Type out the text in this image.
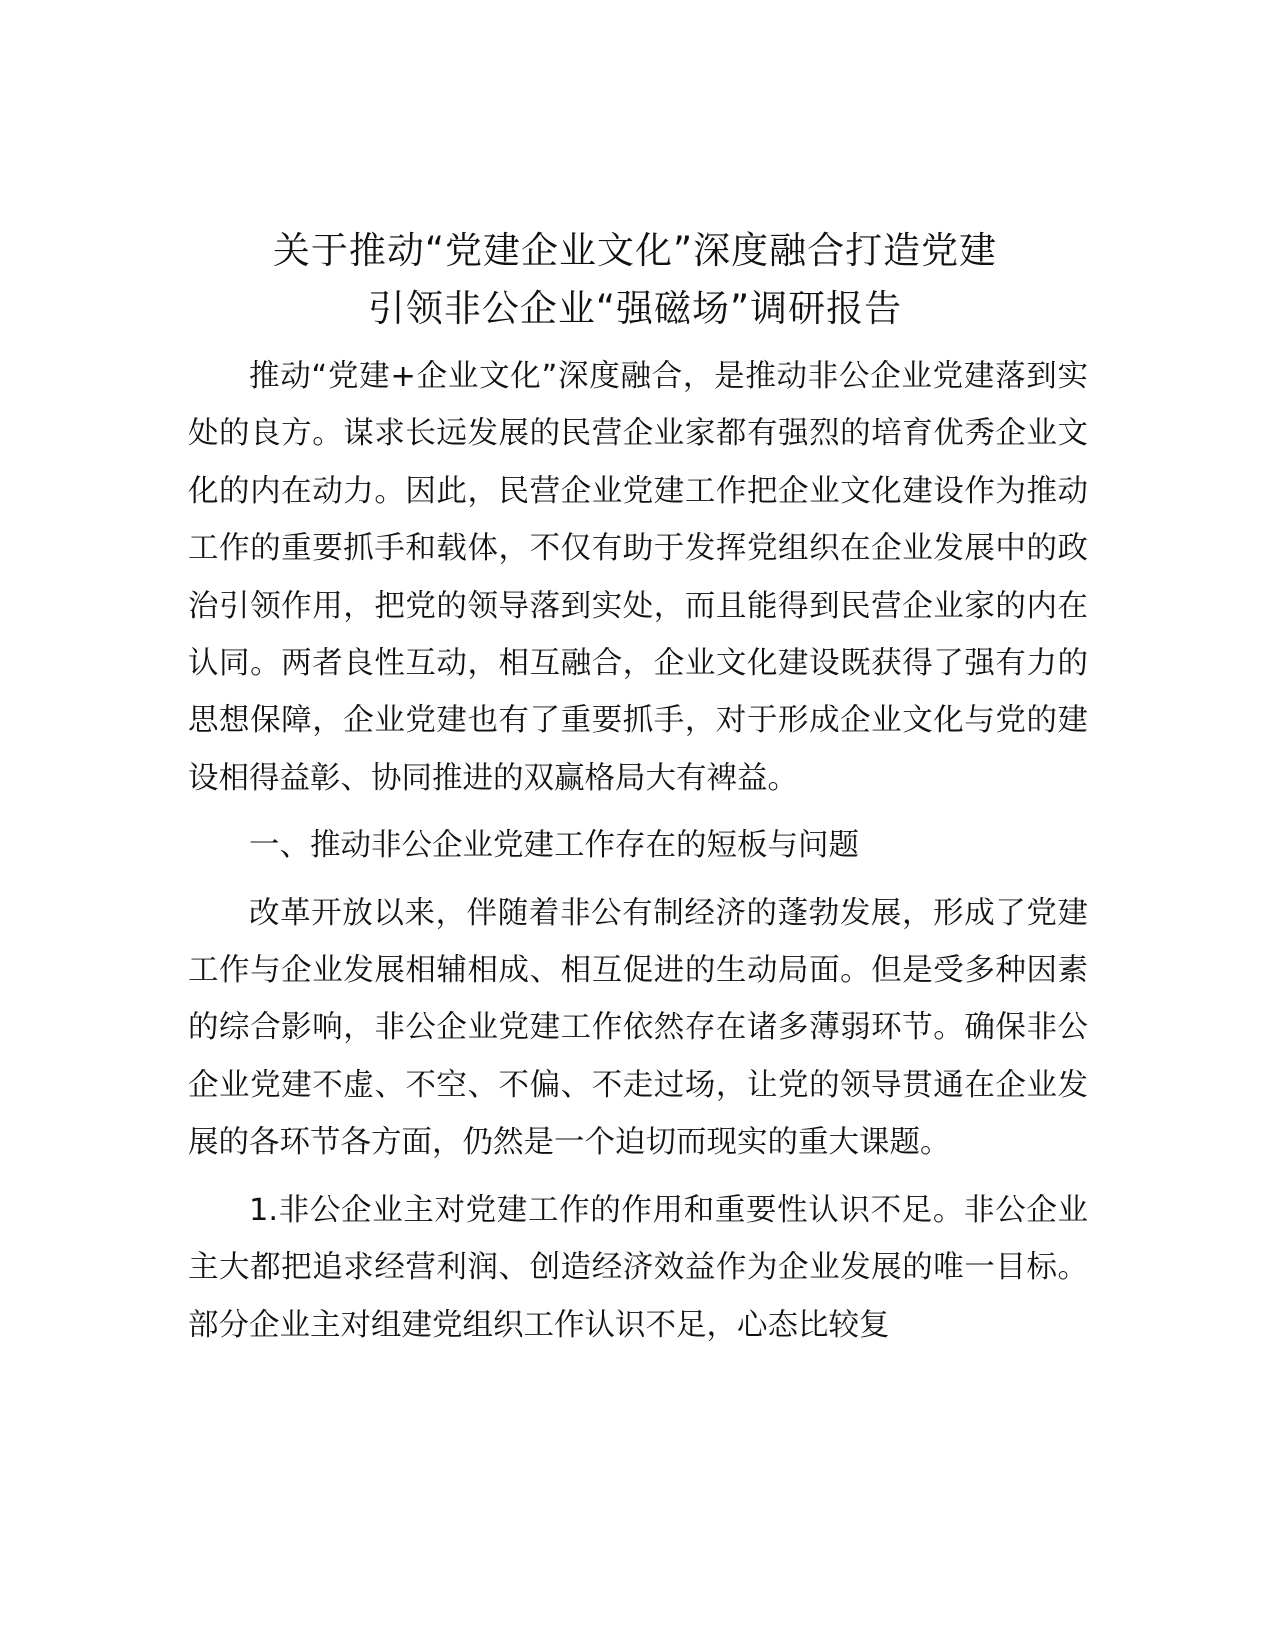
关于推动“党建企业文化”深度融合打造党建
引领非公企业“强磁场”调研报告

推动“党建+企业文化”深度融合，是推动非公企业党建落到实处的良方。谋求长远发展的民营企业家都有强烈的培育优秀企业文化的内在动力。因此，民营企业党建工作把企业文化建设作为推动工作的重要抓手和载体，不仅有助于发挥党组织在企业发展中的政治引领作用，把党的领导落到实处，而且能得到民营企业家的内在认同。两者良性互动，相互融合，企业文化建设既获得了强有力的思想保障，企业党建也有了重要抓手，对于形成企业文化与党的建设相得益彰、协同推进的双赢格局大有裨益。

一、推动非公企业党建工作存在的短板与问题

改革开放以来，伴随着非公有制经济的蓬勃发展，形成了党建工作与企业发展相辅相成、相互促进的生动局面。但是受多种因素的综合影响，非公企业党建工作依然存在诸多薄弱环节。确保非公企业党建不虚、不空、不偏、不走过场，让党的领导贯通在企业发展的各环节各方面，仍然是一个迫切而现实的重大课题。

1.非公企业主对党建工作的作用和重要性认识不足。非公企业主大都把追求经营利润、创造经济效益作为企业发展的唯一目标。部分企业主对组建党组织工作认识不足，心态比较复
